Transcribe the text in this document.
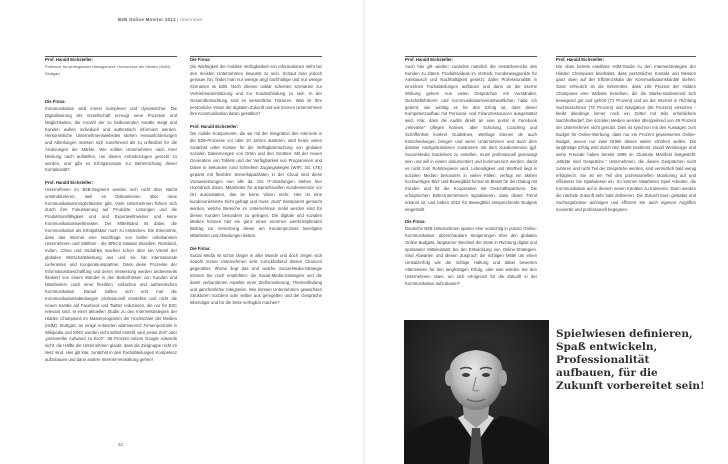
B2B Online Monitor 2012 | Interviews
Prof. Harald Eichsteller:
Professor für strategisches Management, Hochschule der Medien (HdM), Stuttgart
Die Firma:

Kommunikation wird immer komplexer und dynamischer. Die Digitalisierung der Gesellschaft erzeugt neue Prozesse und Möglichkeiten, die Anzahl der zu bedienenden Kanäle steigt und Kunden wollen individuell und authentisch informiert werden. Herkömmliche Unternehmenswebsites stehen Herausforderungen und Abteilungen müssen sich zunehmend als zu unflexibel für die Änderungen der Märkte. Wie sollten Unternehmen nach Ihrer Meinung nach aufstellen, um diesen Anforderungen gerecht zu werden, und gibt es Erfolgsrezepte zur Beherrschung dieser Komplexität?

Prof. Harald Eichsteller:

Unternehmen im B2B-Segment werden sich nicht über Nacht umstrukturieren, weil es Diskussionen über neue Kommunikationsmöglichkeiten gibt. Viele Unternehmen führen sich durch ihre Fokussierung auf Produkte, Lösungen und die Produktionsfähigkeit und und Exportweltmeister und keine Kommunikationsweltmeister. Der Mittelstand ist dabei, die Kommunikation als Erfolgsfaktor noch zu entdecken. Die Erkenntnis, dass das Internet eine Nachfrage von bisher unbekannten Unternehmen und Märkten - die BRICS-Staaten Brasilien, Russland, Indien, China und Südafrika machen schon über ein Viertel der globalen Wirtschaftsleistung aus und sie hat internationale Lieferanten und Kooperationspartner. Dass diese Prozesse der Informationsbeschaffung und deren Verwertung werden andererseits flankiert von einem Wandel in den Bedürfnissen von Kunden und Mitarbeitern nach einer flexiblen, einfachen und authentischen Kommunikation. Darauf sollten sich erst mal die Kommunikationsabteilungen professionell einstellen und nicht die neuen Kanäle auf Facebook und Twitter reduzieren, die nur für B2C relevant sind. In einer aktuellen Studie zu den Internetstrategien der Hidden Champions im Masterprogramm der Hochschule der Medien (HdM), Stuttgart, an einige Antworten alarmierend: Firmenportraits in Wikipedia und XING werden nicht selbst erstellt, weil „keine Zeit“ oder „personeller Aufwand zu hoch“. 55 Prozent nutzen Google Adwords nicht, die Hälfte der Unternehmen glaubt, dass die Zielgruppe nicht im Netz sind. Hier gilt klar, zunächst in den Fachabteilungen Kompetenz aufzubauen und dann andere Internet-Verwaltung gehen!

Die Firma:

Die Wichtigkeit der mobilen Verfügbarkeit von Informationen steht bei den meisten Unternehmen bewusst zu sein. Schaut man jedoch genauer hin, findet man nur wenige angl nachhaltige und nur wenige Szenarien im B2B. Noch ebenso unklar scheinen Szenarien zur Vertriebsunterstützung und zur Kundenbindung zu sein. In der Gesamtbetrachtung sind es wesentliche Faktoren. Was ist Ihre persönliche Vision der digitalen Zukunft und wie können Unternehmen ihre Kommunikation daran gestalten?

Prof. Harald Eichsteller:

Die mobile Komponente, die wir mit der Integration des Internets in die B2B-Prozesse vor über 10 Jahren starteten, wird heute vielen zunächst unter Kosten für die Verfügbarmachung von globalen sozialen Datenmengen von Orten und den Geräten. Mit der neuen Generation von Tablets und der Verfügbarkeit von Programmen und Daten in Sekunden rund schnellem Zugangswegen (WIFI, 3G, LTE) geparst mit flexiblen Serverkapazitäten in der Cloud sind diese Voraussetzungen nun alle da. Die IT-Abteilungen stehen hier Hochdruck daran, Mitarbeiter für ansprüchsvollen Kundenservice vor Ort auszustatten, das ist keine Vision mehr. Hier ist eine kundenorientierte Sicht gefragt und muss „trust“ transparent gemacht werden, welche Bereiche im Unternehmen mobil werden sind für diesen Kunden besonders zu gelingen. Die digitale und sozialen Medien können hier ein ganz einen enormen wertschöpfenden Beitrag zur Vernetzung dieser am Kundenprozess beteiligten Mitarbeiter und Abteilungen leisten.

Die Firma:

Social Media ist schon länger in aller Munde und doch zeigen sich sowohl immer Unternehmen sehr zurückhaltend diesen Chancen gegenüber. Woran liegt das und welche Social-Media-Strategie können Sie noch empfehlen: die Social-Media-Strategien und die damit verbundenen Aspekte einer Zielformulierung, Themenfindung und ganzheitlicher Integration. Wie können Unternehmen gewachsen Strukturen trotzdem oder selber aus geregelten und die Gespräche lebendiger und für die Seite verfügbar machen?

Prof. Harald Eichsteller:

Auch hier gilt wieder: zunächst natürlich die Ansatzbereiche des Kunden zu klären. Produktivideas im Vertrieb, Kundenwegpunkte für Ausstausch und Nachhaltigkeit gesetzt, dabei Professionalität in einzelnen Fachabteilungen aufbauen und dann an die interne Wirkung gehen! Aus vielen Gesprächen mit Vorständen, Geschäftsführern und Kommunikationsverantwortlichen habe ich gelernt, wie wichtig es für den Erfolg ist, dass dieser Kompetenzaufbau mit Personal- und Finanzressourcen ausgestattet wird. Klar, dass die Audits direkt an eine portal in Facebook „relevante“ pflegen können, aber Schulung, Coaching und Schöffenheit konkret Guidelines, Weblogs können dir auch Entscheidungen bringen und wenn Unternehmen und auch dem darüber nachgebundenen zusammen mit dem Kundenservice ggf. Social-Media Guidelines zu erstellen, muss professionell gemanagt sein und will in einem dokumentiert und kommuniziert werden, damit es nicht zum Rohrkrepierer wird. Lebendigkeit und Wertheit liegt in sozialen Medien besonders in vielen Fällen, verfügt ein aktiver hochwertigen Bild- und Bewegtbild formal im Blasts für den Dialog mit Kunden und für die Kooperation mit Geschäftspartnern. Die erfolgreichen B2B-Unternehmen signalisieren, dass dieser Trend erkannt ist, und haben 2012 für Bewegtbild entsprechende Budgets eingestellt.

Die Firma:

Deutsche B2B-Unternehmen sparen eher vorsichtig in puncto Online-Kommunikation: überschaubare Steigerungen über den globalen Online-Budgets, langsamer Wechsel der Etats in Richtung digital und sparsamer Mitteleinsatz bei der Entwicklung von Online-Strategien. Sind Abwarten und diesen Zuspruch die richtigen Mittel um einen Umsatzerfolg wie die richtige Haltung und dabei bewerten Alternativen für den langfristigen Erfolg, oder was würden Sie den Unternehmen raten, um sich erfolgreich für die Zukunft in der Kommunikation aufzubauen?

Prof. Harald Eichsteller:

Die oben bereits erwähnte HdM-Studie zu den Internetstrategien der Hidden Champions beinhaltet, dass persönlicher Kontakt und Messen ganz oben auf der Effizienzskala der Kommunikationskanäle stehen. Ganz erfreulich ist die Erkenntnis, dass 100 Prozent der Hidden Champions eine Website betreiben, die die Marke-studienemal sich bewegend gut und gehört (71 Prozent) und an der Internet in Richtung Suchmaschinen (79 Prozent) und Navigation (66 Prozent) erreichen - bleibt allerdings immer noch ein Drittel mit teils erheblichem Nachholbedarf. Die sozialen Medien werden übergreifend von 49 Prozent der Unternehmen nicht genutzt. Dies ist synchron mit den Aussagen zum Budget für Online-Werbung, dass nur ein Prozent gewiessenes Online-Budget, wovon nur zwei Drittel dieses weiter erhöhen wollen. Die langfristige Erfolg wird durch den Markt bestimmt. David Weinberger und seine Freunde haben bereits 1999 im Cluetrain Manifest festgestellt: „Märkte sind Gespräche.“ Unternehmen, die diesen Gesprächen nicht zuhören und nicht Teil der Gespräche werden, sind vermutlich bald wenig erfolgreich. Sie ist ein Teil des professionellen Monitoring auf und effizienter Sie Spielwiesen ein. So können Mitarbeiter Spiel Arbeiten, die Kommunikation auf in diesem neuen Kanälen zu trainieren. Dann werden die nächste Zukunft sehr bald definieren. Die Zukunft kann gestaltet und Suchergebnisse aufzeigen und effizient Sie auch eigenen Angriffen souverän und professionell begegnen.

Spielwiesen definieren, Spaß entwickeln, Professionalität aufbauen, für die Zukunft vorbereitet sein!
22
